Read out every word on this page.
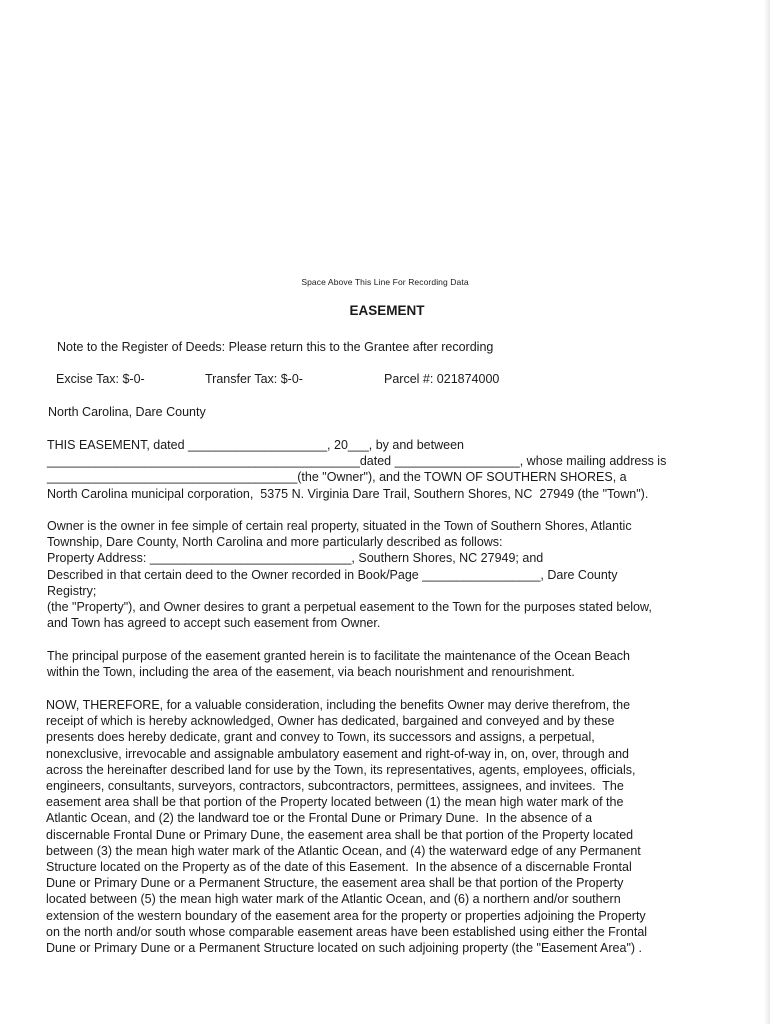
Space Above This Line For Recording Data
EASEMENT
Note to the Register of Deeds: Please return this to the Grantee after recording
Excise Tax: $-0-	Transfer Tax: $-0-	Parcel #: 021874000
North Carolina, Dare County
THIS EASEMENT, dated ____________________, 20___, by and between
_____________________________________________dated __________________, whose mailing address is
____________________________________(the "Owner"), and the TOWN OF SOUTHERN SHORES, a
North Carolina municipal corporation,  5375 N. Virginia Dare Trail, Southern Shores, NC  27949 (the "Town").
Owner is the owner in fee simple of certain real property, situated in the Town of Southern Shores, Atlantic
Township, Dare County, North Carolina and more particularly described as follows:
Property Address: _____________________________, Southern Shores, NC 27949; and
Described in that certain deed to the Owner recorded in Book/Page _________________, Dare County
Registry;
(the "Property"), and Owner desires to grant a perpetual easement to the Town for the purposes stated below,
and Town has agreed to accept such easement from Owner.
The principal purpose of the easement granted herein is to facilitate the maintenance of the Ocean Beach
within the Town, including the area of the easement, via beach nourishment and renourishment.
NOW, THEREFORE, for a valuable consideration, including the benefits Owner may derive therefrom, the
receipt of which is hereby acknowledged, Owner has dedicated, bargained and conveyed and by these
presents does hereby dedicate, grant and convey to Town, its successors and assigns, a perpetual,
nonexclusive, irrevocable and assignable ambulatory easement and right-of-way in, on, over, through and
across the hereinafter described land for use by the Town, its representatives, agents, employees, officials,
engineers, consultants, surveyors, contractors, subcontractors, permittees, assignees, and invitees.  The
easement area shall be that portion of the Property located between (1) the mean high water mark of the
Atlantic Ocean, and (2) the landward toe or the Frontal Dune or Primary Dune.  In the absence of a
discernable Frontal Dune or Primary Dune, the easement area shall be that portion of the Property located
between (3) the mean high water mark of the Atlantic Ocean, and (4) the waterward edge of any Permanent
Structure located on the Property as of the date of this Easement.  In the absence of a discernable Frontal
Dune or Primary Dune or a Permanent Structure, the easement area shall be that portion of the Property
located between (5) the mean high water mark of the Atlantic Ocean, and (6) a northern and/or southern
extension of the western boundary of the easement area for the property or properties adjoining the Property
on the north and/or south whose comparable easement areas have been established using either the Frontal
Dune or Primary Dune or a Permanent Structure located on such adjoining property (the "Easement Area") .
